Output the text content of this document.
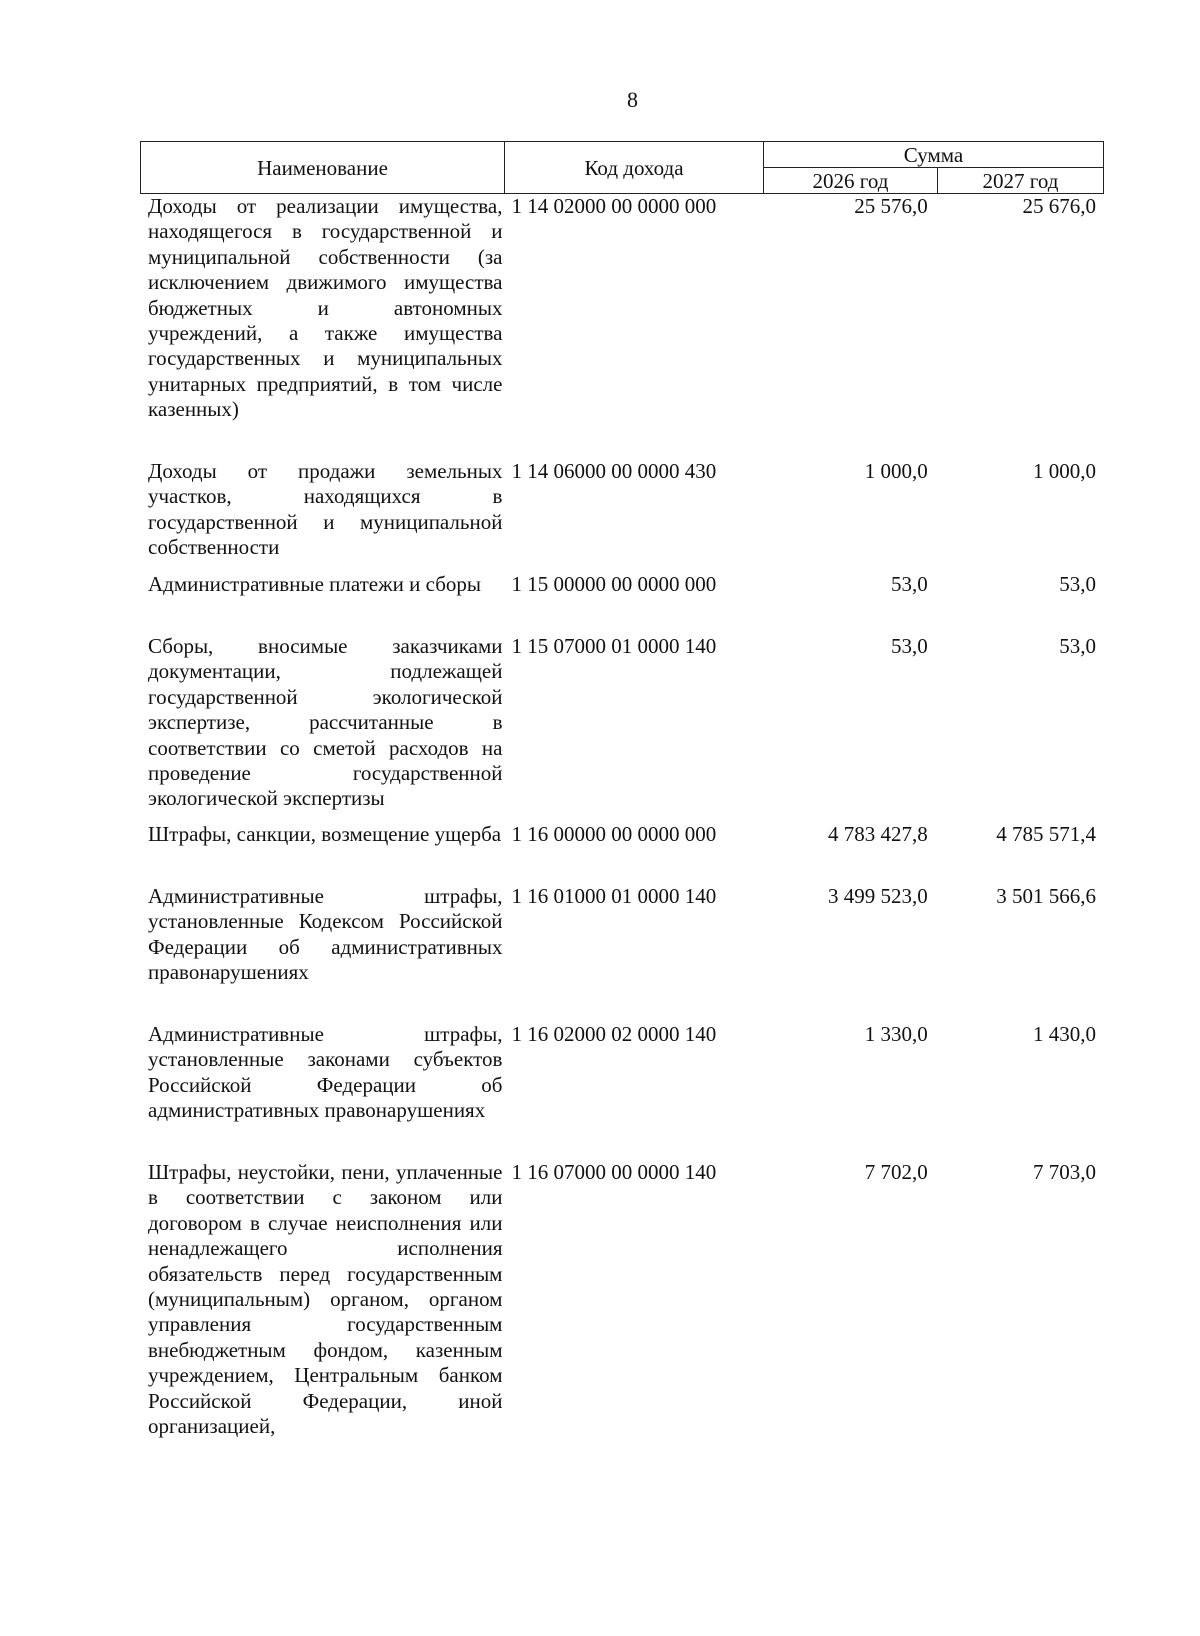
8
Наименование	Код дохода	Сумма	
		2026 год	2027 год
Доходы от реализации имущества, находящегося в государственной и муниципальной собственности (за исключением движимого имущества бюджетных и автономных учреждений, а также имущества государственных и муниципальных унитарных предприятий, в том числе казенных)
1 14 02000 00 0000 000	25 576,0	25 676,0
Доходы от продажи земельных участков, находящихся в государственной и муниципальной собственности
1 14 06000 00 0000 430	1 000,0	1 000,0
Административные платежи и сборы	1 15 00000 00 0000 000	53,0	53,0
Сборы, вносимые заказчиками документации, подлежащей государственной экологической экспертизе, рассчитанные в соответствии со сметой расходов на проведение государственной экологической экспертизы
1 15 07000 01 0000 140	53,0	53,0
Штрафы, санкции, возмещение ущерба 1 16 00000 00 0000 000	4 783 427,8	4 785 571,4
Административные штрафы, установленные Кодексом Российской Федерации об административных правонарушениях
1 16 01000 01 0000 140	3 499 523,0	3 501 566,6
Административные штрафы, установленные законами субъектов Российской Федерации об административных правонарушениях
1 16 02000 02 0000 140	1 330,0	1 430,0
Штрафы, неустойки, пени, уплаченные в соответствии с законом или договором в случае неисполнения или ненадлежащего исполнения обязательств перед государственным (муниципальным) органом, органом управления государственным внебюджетным фондом, казенным учреждением, Центральным банком Российской Федерации, иной организацией,
1 16 07000 00 0000 140	7 702,0	7 703,0
